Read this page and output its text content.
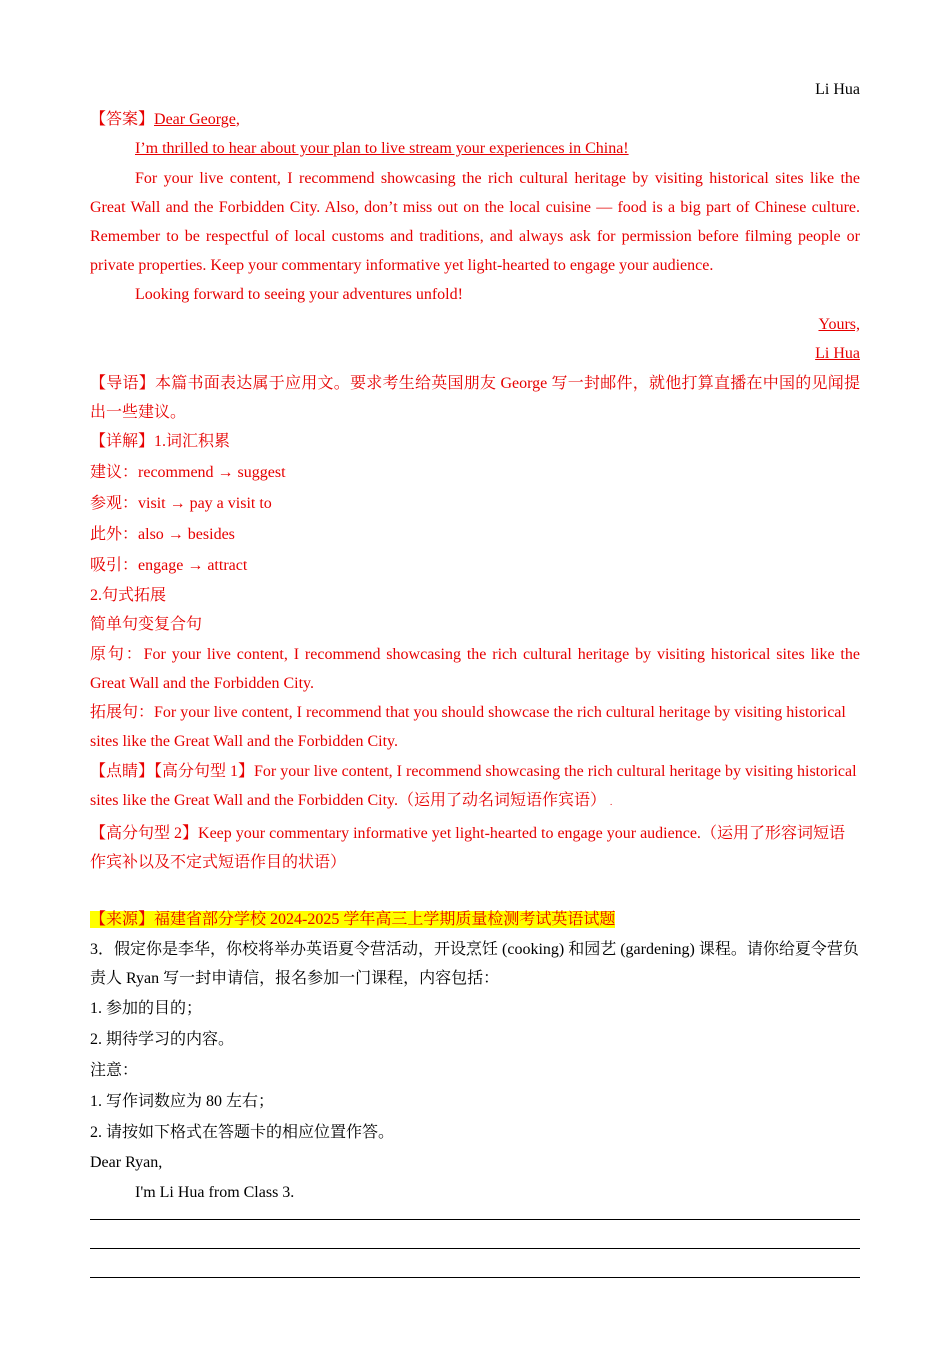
Li Hua
【答案】Dear George,
I’m thrilled to hear about your plan to live stream your experiences in China!
For your live content, I recommend showcasing the rich cultural heritage by visiting historical sites like the Great Wall and the Forbidden City. Also, don’t miss out on the local cuisine — food is a big part of Chinese culture. Remember to be respectful of local customs and traditions, and always ask for permission before filming people or private properties. Keep your commentary informative yet light-hearted to engage your audience.
Looking forward to seeing your adventures unfold!
Yours,
Li Hua
【导语】本篇书面表达属于应用文。要求考生给英国朋友 George 写一封邮件，就他打算直播在中国的见闻提出一些建议。
【详解】1.词汇积累
建议：recommend → suggest
参观：visit → pay a visit to
此外：also → besides
吸引：engage → attract
2.句式拓展
简单句变复合句
原句：For your live content, I recommend showcasing the rich cultural heritage by visiting historical sites like the Great Wall and the Forbidden City.
拓展句：For your live content, I recommend that you should showcase the rich cultural heritage by visiting historical sites like the Great Wall and the Forbidden City.
【点睛】【高分句型 1】For your live content, I recommend showcasing the rich cultural heritage by visiting historical sites like the Great Wall and the Forbidden City.（运用了动名词短语作宾语） .
【高分句型 2】Keep your commentary informative yet light-hearted to engage your audience.（运用了形容词短语作宾补以及不定式短语作目的状语）
【来源】福建省部分学校 2024-2025 学年高三上学期质量检测考试英语试题
3．假定你是李华，你校将举办英语夏令营活动，开设烹饪 (cooking) 和园艺 (gardening) 课程。请你给夏令营负责人 Ryan 写一封申请信，报名参加一门课程，内容包括：
1. 参加的目的；
2. 期待学习的内容。
注意：
1. 写作词数应为 80 左右；
2. 请按如下格式在答题卡的相应位置作答。
Dear Ryan,
I'm Li Hua from Class 3.
